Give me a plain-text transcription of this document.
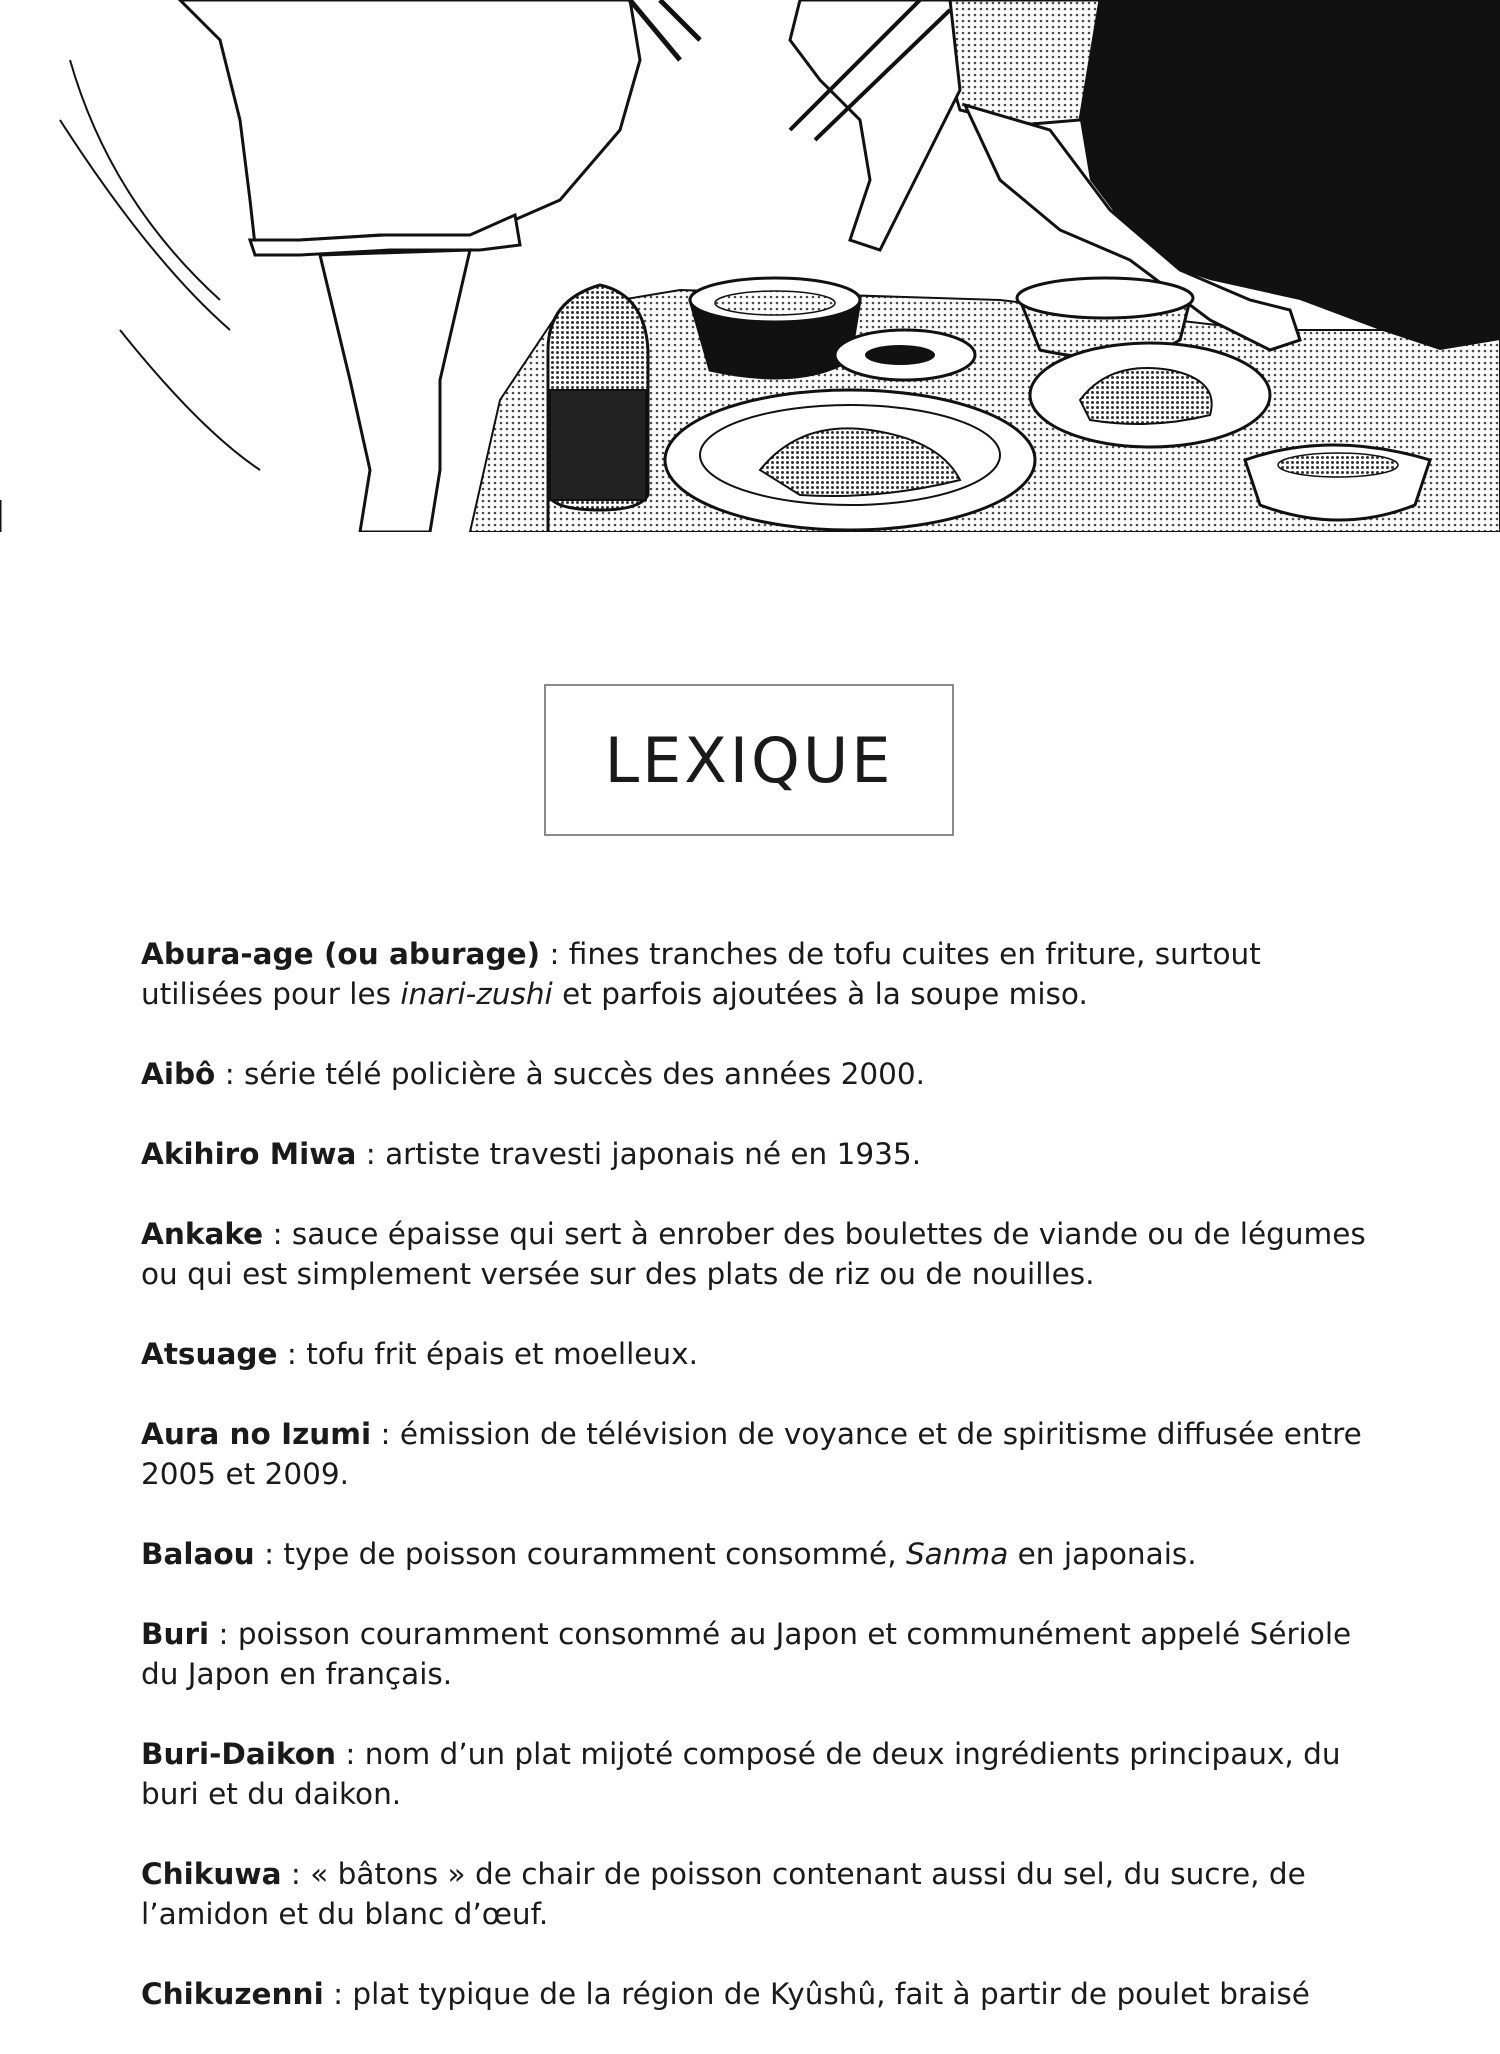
LEXIQUE

Abura-age (ou aburage) : fines tranches de tofu cuites en friture, surtout utilisées pour les inari-zushi et parfois ajoutées à la soupe miso.

Aibô : série télé policière à succès des années 2000.

Akihiro Miwa : artiste travesti japonais né en 1935.

Ankake : sauce épaisse qui sert à enrober des boulettes de viande ou de légumes ou qui est simplement versée sur des plats de riz ou de nouilles.

Atsuage : tofu frit épais et moelleux.

Aura no Izumi : émission de télévision de voyance et de spiritisme diffusée entre 2005 et 2009.

Balaou : type de poisson couramment consommé, Sanma en japonais.

Buri : poisson couramment consommé au Japon et communément appelé Sériole du Japon en français.

Buri-Daikon : nom d’un plat mijoté composé de deux ingrédients principaux, du buri et du daikon.

Chikuwa : « bâtons » de chair de poisson contenant aussi du sel, du sucre, de l’amidon et du blanc d’œuf.

Chikuzenni : plat typique de la région de Kyûshû, fait à partir de poulet braisé
